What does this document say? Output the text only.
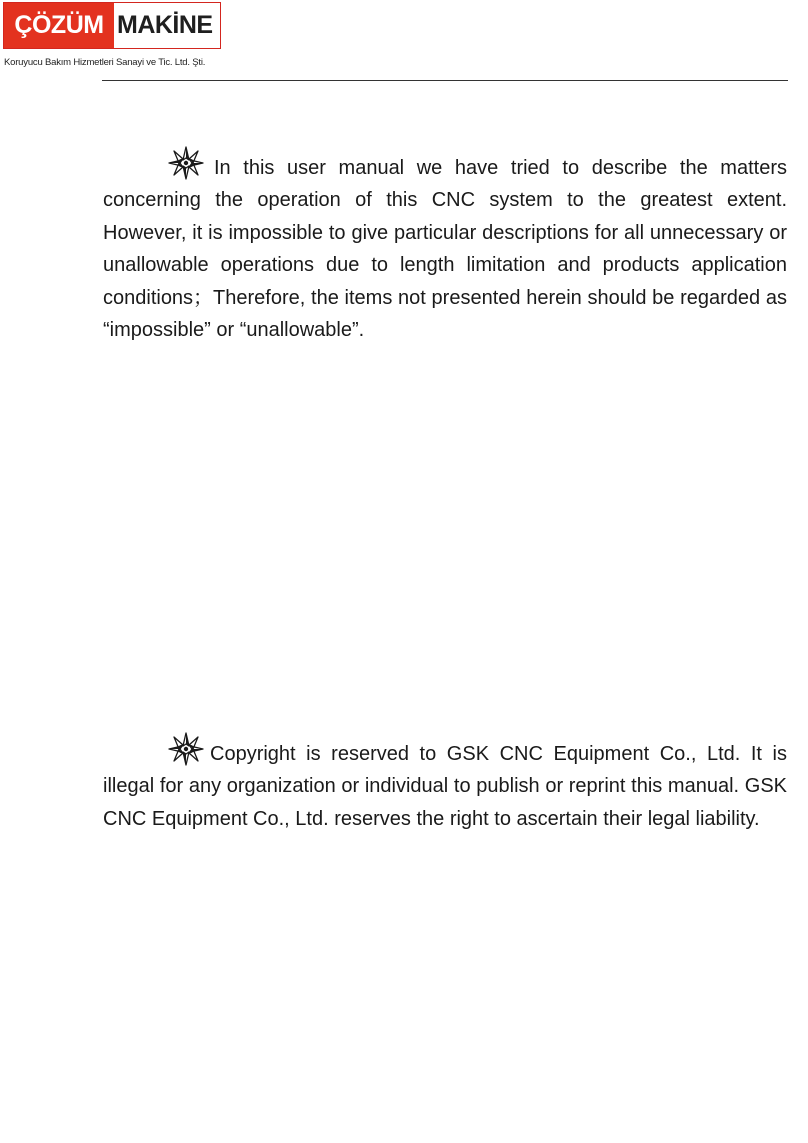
ÇÖZÜM MAKİNE
Koruyucu Bakım Hizmetleri Sanayi ve Tic. Ltd. Şti.

In this user manual we have tried to describe the matters concerning the operation of this CNC system to the greatest extent. However, it is impossible to give particular descriptions for all unnecessary or unallowable operations due to length limitation and products application conditions；Therefore, the items not presented herein should be regarded as “impossible” or “unallowable”.

Copyright is reserved to GSK CNC Equipment Co., Ltd. It is illegal for any organization or individual to publish or reprint this manual. GSK CNC Equipment Co., Ltd. reserves the right to ascertain their legal liability.
